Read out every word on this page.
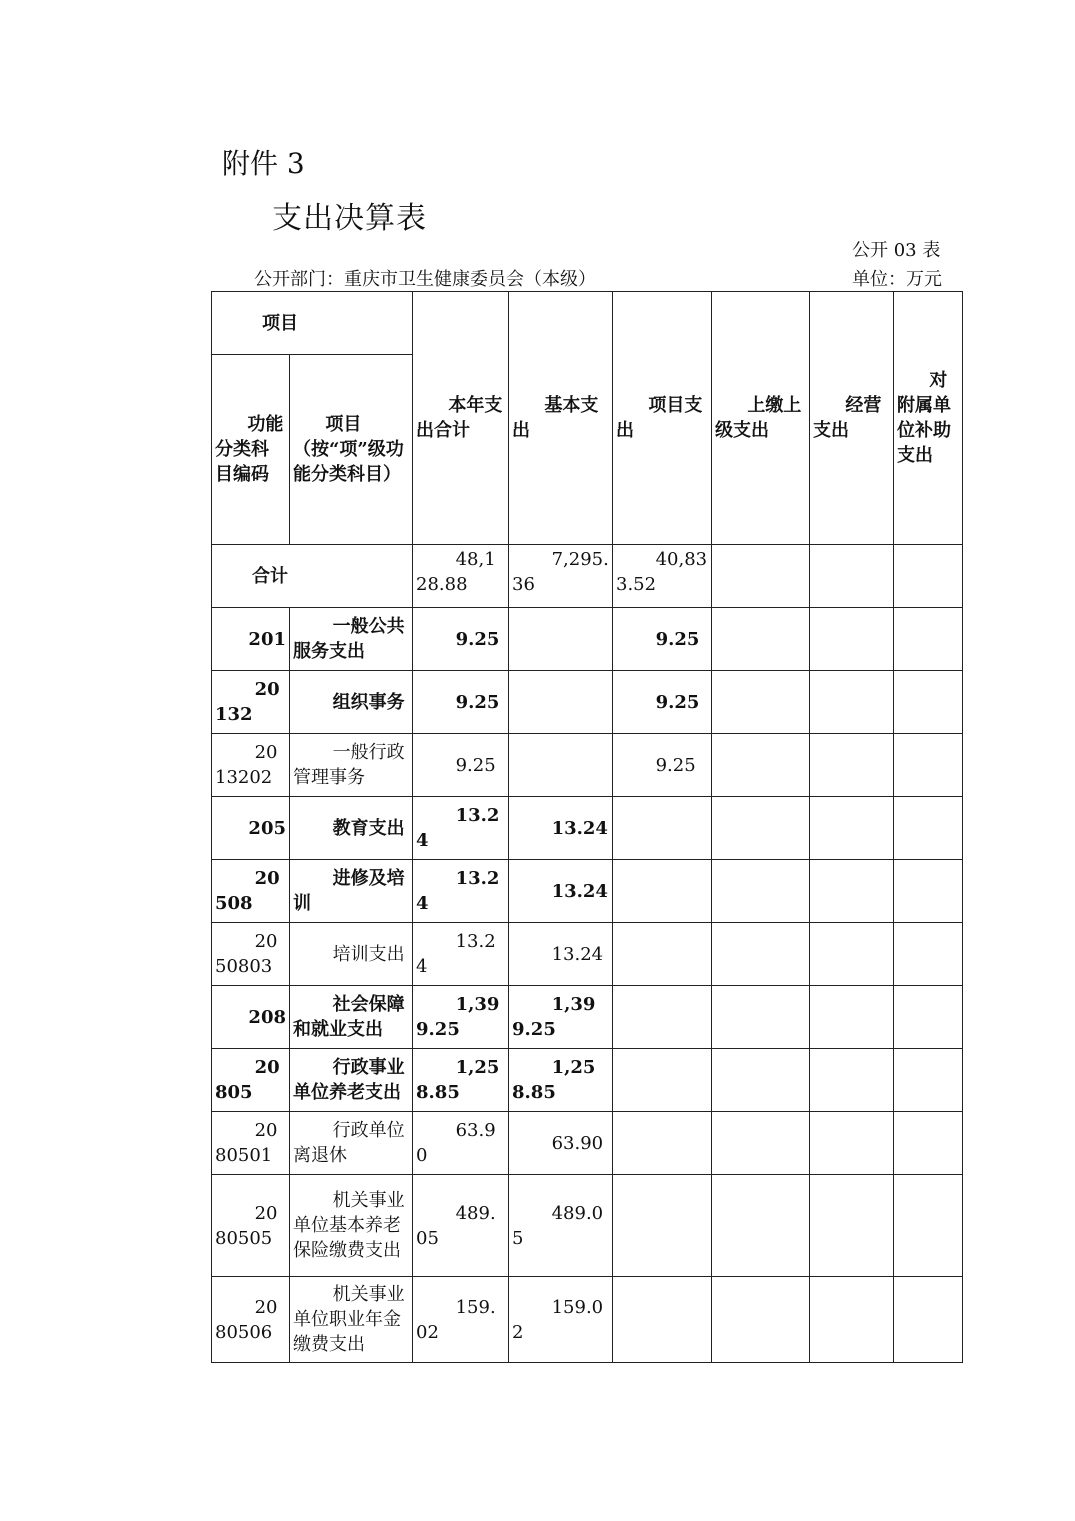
附件 3
支出决算表
公开 03 表
公开部门：重庆市卫生健康委员会（本级）	单位：万元
项目		本年支出合计	基本支出	项目支出	上缴上级支出	经营支出	对附属单位补助支出
功能分类科目编码	项目（按“项”级功能分类科目）						
合计		48,128.88	7,295.36	40,833.52			
201	一般公共服务支出	9.25		9.25			
20132	组织事务	9.25		9.25			
2013202	一般行政管理事务	9.25		9.25			
205	教育支出	13.24	13.24				
20508	进修及培训	13.24	13.24				
2050803	培训支出	13.24	13.24				
208	社会保障和就业支出	1,399.25	1,399.25				
20805	行政事业单位养老支出	1,258.85	1,258.85				
2080501	行政单位离退休	63.90	63.90				
2080505	机关事业单位基本养老保险缴费支出	489.05	489.05				
2080506	机关事业单位职业年金缴费支出	159.02	159.02				
